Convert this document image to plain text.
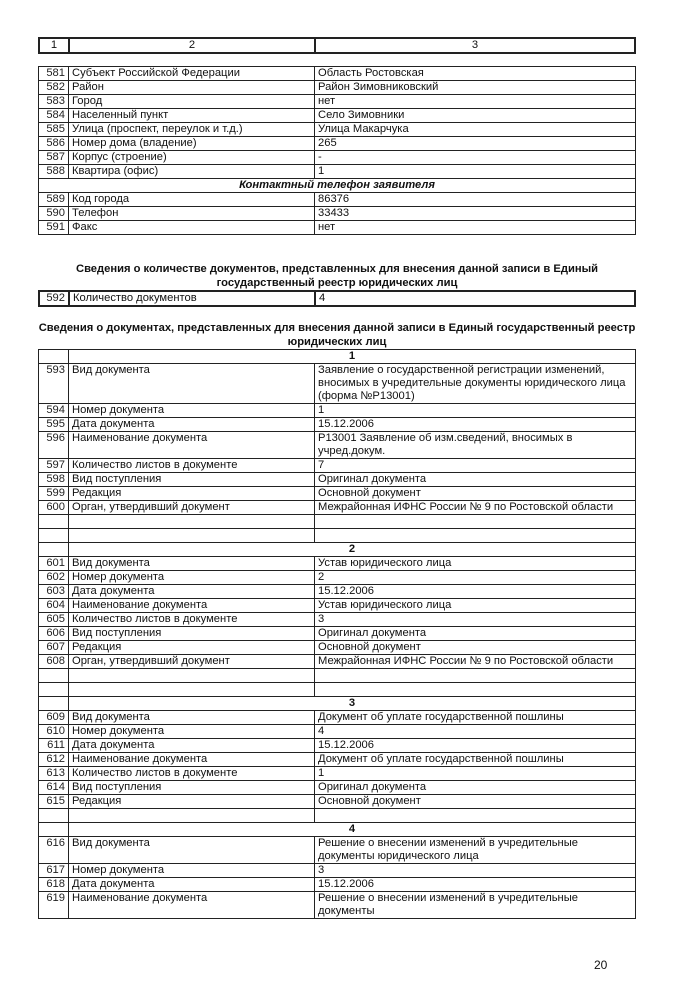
1	2	3
581	Субъект Российской Федерации	Область Ростовская
582	Район	Район Зимовниковский
583	Город	нет
584	Населенный пункт	Село Зимовники
585	Улица (проспект, переулок и т.д.)	Улица Макарчука
586	Номер дома (владение)	265
587	Корпус (строение)	-
588	Квартира (офис)	1
Контактный телефон заявителя		
589	Код города	86376
590	Телефон	33433
591	Факс	нет
Сведения о количестве документов, представленных для внесения данной записи в Единый государственный реестр юридических лиц
592	Количество документов	4
Сведения о документах, представленных для внесения данной записи в Единый государственный реестр юридических лиц
	1	
593	Вид документа	Заявление о государственной регистрации изменений, вносимых в учредительные документы юридического лица (форма №Р13001)
594	Номер документа	1
595	Дата документа	15.12.2006
596	Наименование документа	Р13001 Заявление об изм.сведений, вносимых в учред.докум.
597	Количество листов в документе	7
598	Вид поступления	Оригинал документа
599	Редакция	Основной документ
600	Орган, утвердивший документ	Межрайонная ИФНС России № 9 по Ростовской области

	2	
601	Вид документа	Устав юридического лица
602	Номер документа	2
603	Дата документа	15.12.2006
604	Наименование документа	Устав юридического лица
605	Количество листов в документе	3
606	Вид поступления	Оригинал документа
607	Редакция	Основной документ
608	Орган, утвердивший документ	Межрайонная ИФНС России № 9 по Ростовской области

	3	
609	Вид документа	Документ об уплате государственной пошлины
610	Номер документа	4
611	Дата документа	15.12.2006
612	Наименование документа	Документ об уплате государственной пошлины
613	Количество листов в документе	1
614	Вид поступления	Оригинал документа
615	Редакция	Основной документ

	4	
616	Вид документа	Решение о внесении изменений в учредительные документы юридического лица
617	Номер документа	3
618	Дата документа	15.12.2006
619	Наименование документа	Решение о внесении изменений в учредительные документы
20
